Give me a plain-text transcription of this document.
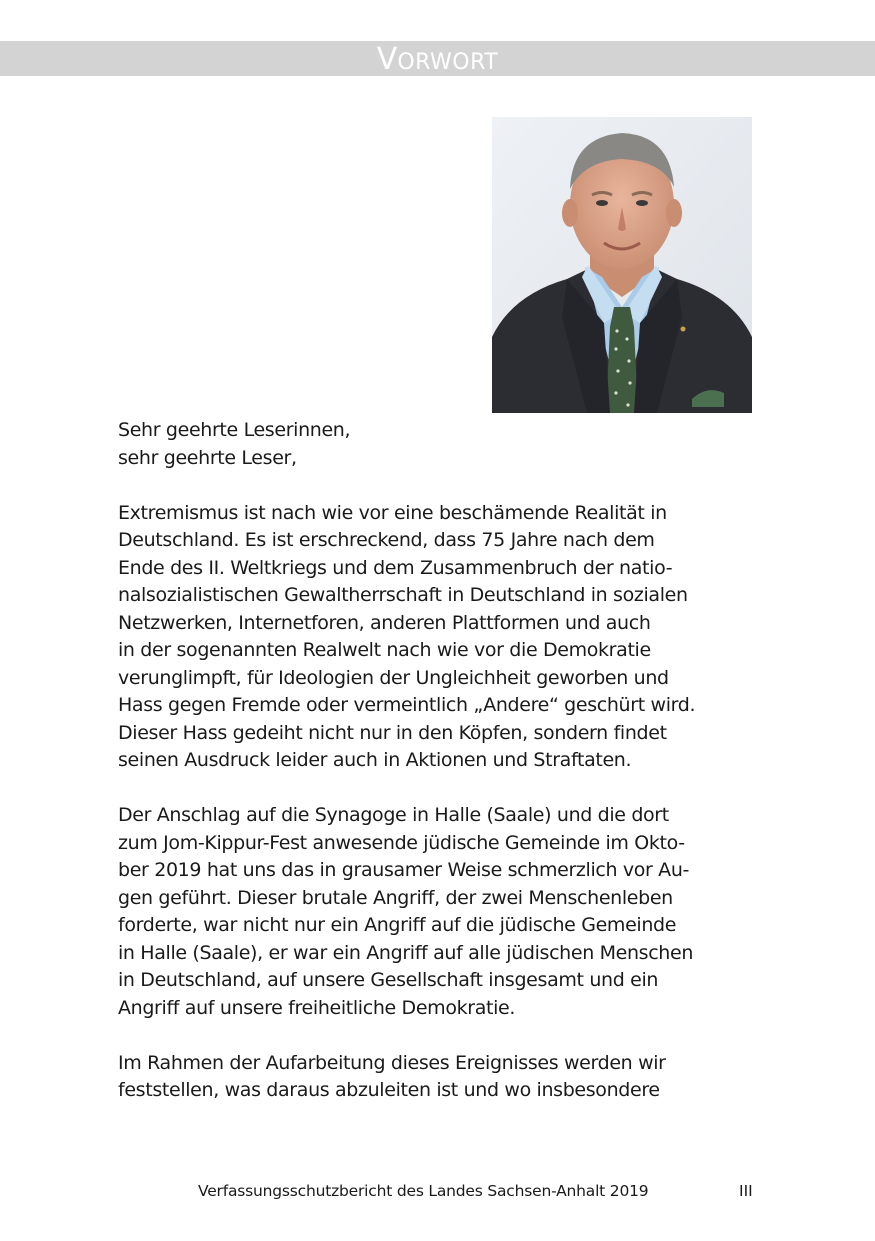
VORWORT
Sehr geehrte Leserinnen,
sehr geehrte Leser,
Extremismus ist nach wie vor eine beschämende Realität in
Deutschland. Es ist erschreckend, dass 75 Jahre nach dem
Ende des II. Weltkriegs und dem Zusammenbruch der natio-
nalsozialistischen Gewaltherrschaft in Deutschland in sozialen
Netzwerken, Internetforen, anderen Plattformen und auch
in der sogenannten Realwelt nach wie vor die Demokratie
verunglimpft, für Ideologien der Ungleichheit geworben und
Hass gegen Fremde oder vermeintlich „Andere“ geschürt wird.
Dieser Hass gedeiht nicht nur in den Köpfen, sondern findet
seinen Ausdruck leider auch in Aktionen und Straftaten.
Der Anschlag auf die Synagoge in Halle (Saale) und die dort
zum Jom-Kippur-Fest anwesende jüdische Gemeinde im Okto-
ber 2019 hat uns das in grausamer Weise schmerzlich vor Au-
gen geführt. Dieser brutale Angriff, der zwei Menschenleben
forderte, war nicht nur ein Angriff auf die jüdische Gemeinde
in Halle (Saale), er war ein Angriff auf alle jüdischen Menschen
in Deutschland, auf unsere Gesellschaft insgesamt und ein
Angriff auf unsere freiheitliche Demokratie.
Im Rahmen der Aufarbeitung dieses Ereignisses werden wir
feststellen, was daraus abzuleiten ist und wo insbesondere
Verfassungsschutzbericht des Landes Sachsen-Anhalt 2019	III
